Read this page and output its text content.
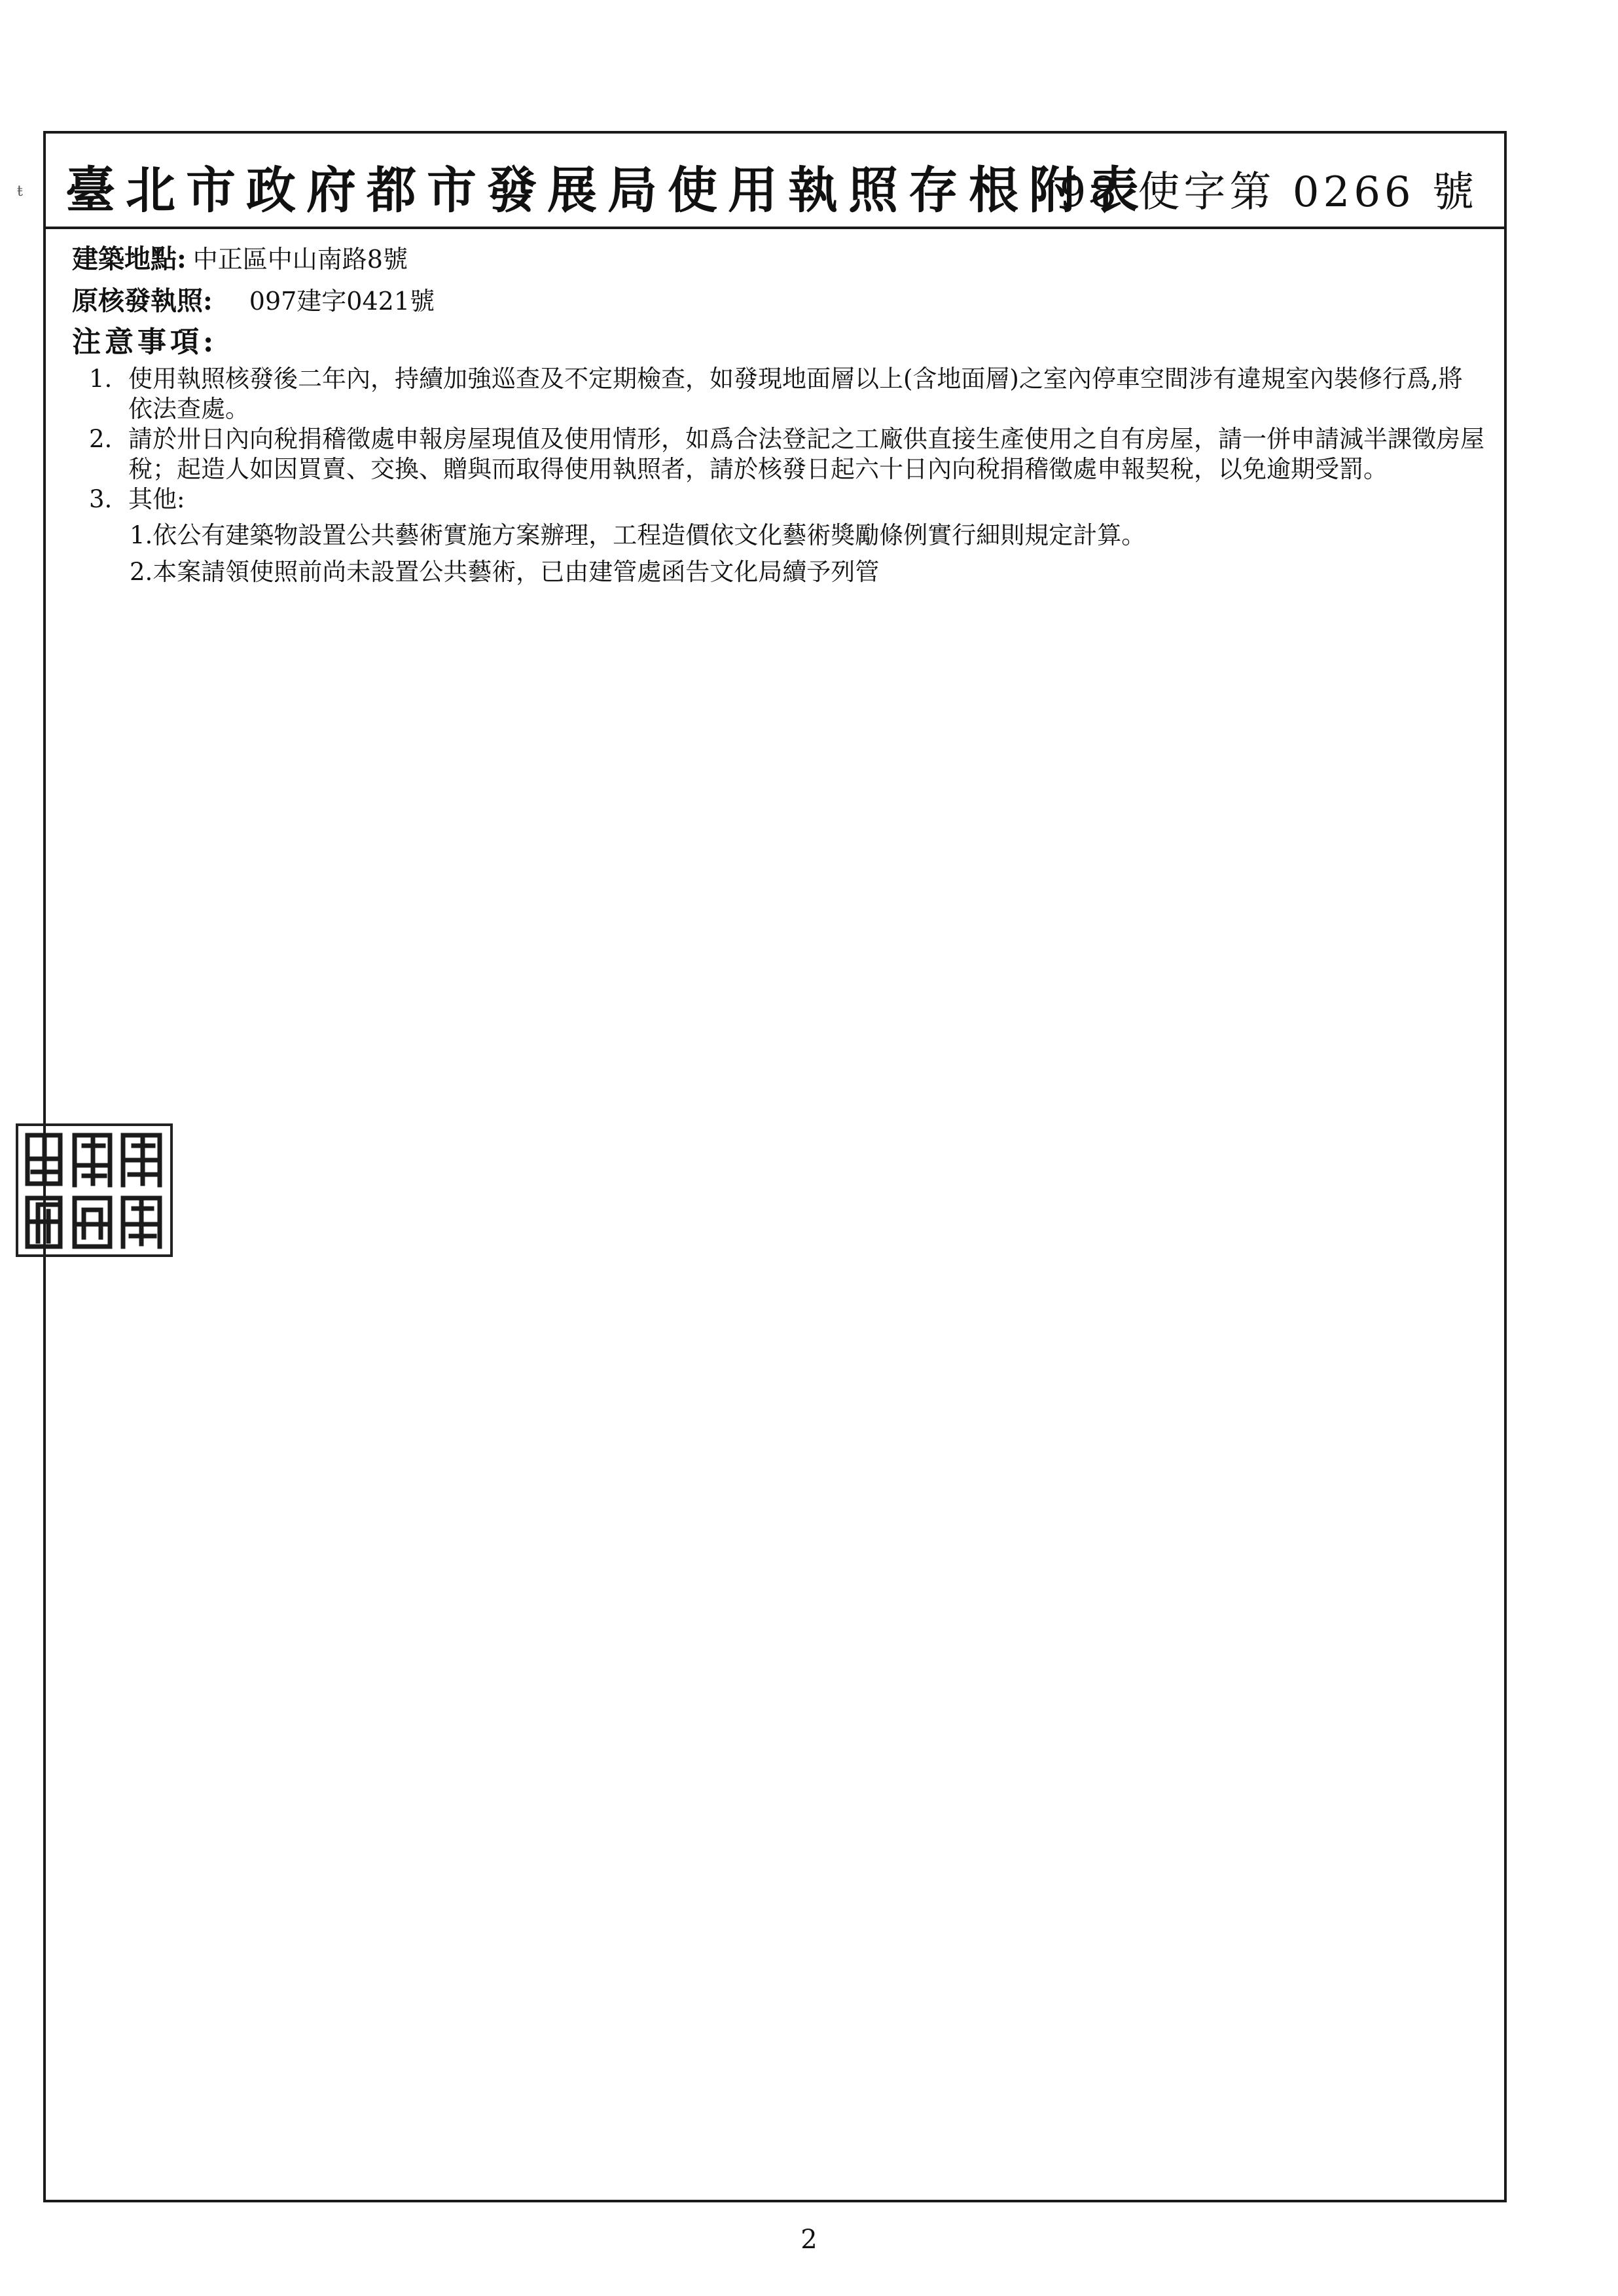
ŧ 臺北市政府都市發展局使用執照存根附表
98 使字第 0266 號
建築地點: 中正區中山南路8號
原核發執照: 097建字0421號
注意事項:
1. 使用執照核發後二年內，持續加強巡查及不定期檢查，如發現地面層以上(含地面層)之室內停車空間涉有違規室內裝修行爲,將依法查處。
2. 請於卅日內向稅捐稽徵處申報房屋現值及使用情形，如爲合法登記之工廠供直接生產使用之自有房屋，請一併申請減半課徵房屋稅；起造人如因買賣、交換、贈與而取得使用執照者，請於核發日起六十日內向稅捐稽徵處申報契稅，以免逾期受罰。
3. 其他:
1.依公有建築物設置公共藝術實施方案辦理，工程造價依文化藝術獎勵條例實行細則規定計算。
2.本案請領使照前尚未設置公共藝術，已由建管處函告文化局續予列管
2
